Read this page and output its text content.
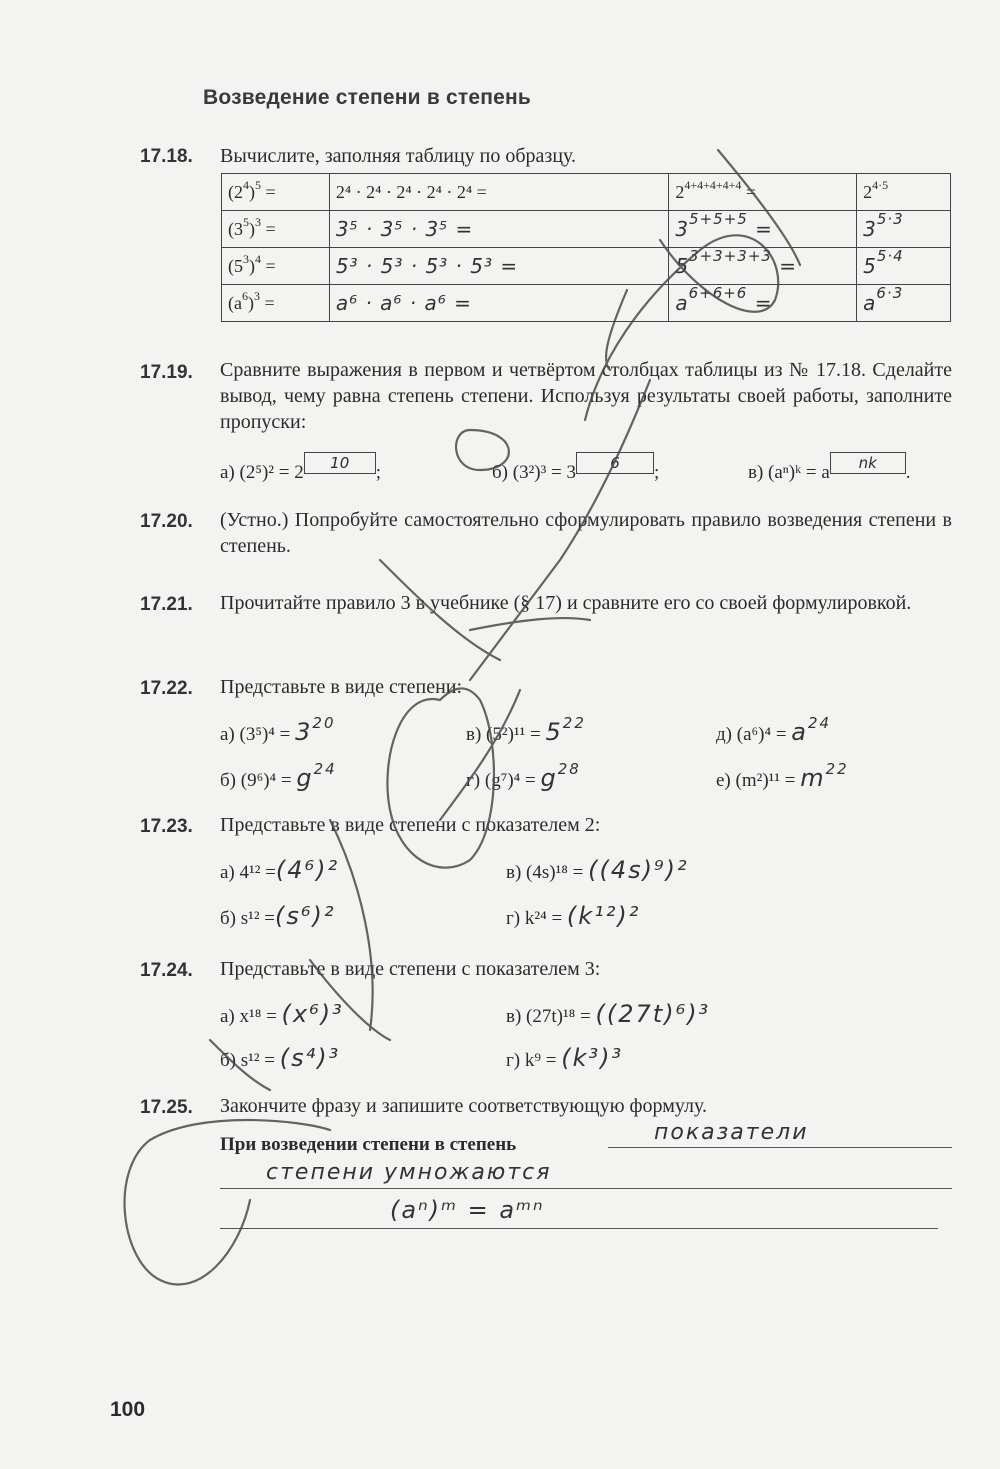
Возведение степени в степень
17.18. Вычислите, заполняя таблицу по образцу.
$(2^4)^5$ =	2⁴ · 2⁴ · 2⁴ · 2⁴ · 2⁴ =	$2^{4+4+4+4+4}$ =	$2^{4\cdot 5}$
$(3^5)^3$ =	3⁵ · 3⁵ · 3⁵ =	$3^{5+5+5}$ =	$3^{5\cdot 3}$
$(5^3)^4$ =	5³ · 5³ · 5³ · 5³ =	$5^{3+3+3+3}$ =	$5^{5\cdot 4}$
$(a^6)^3$ =	a⁶ · a⁶ · a⁶ =	$a^{6+6+6}$ =	$a^{6\cdot 3}$
17.19. Сравните выражения в первом и четвёртом столбцах таблицы из № 17.18. Сделайте вывод, чему равна степень степени. Используя результаты своей работы, заполните пропуски:
а) (2⁵)² = 2 10 ;	б) (3²)³ = 3 6 ;	в) (aⁿ)ᵏ = a nk .
17.20. (Устно.) Попробуйте самостоятельно сформулировать правило возведения степени в степень.
17.21. Прочитайте правило 3 в учебнике (§ 17) и сравните его со своей формулировкой.
17.22. Представьте в виде степени:
а) $(3^5)^4 = 3^{20}$
б) $(9^6)^4 = g^{24}$
в) $(5^2)^{11} = 5^{22}$
г) $(g^7)^4 = g^{28}$
д) $(a^6)^4 = a^{24}$
е) $(m^2)^{11} = m^{22}$
17.23. Представьте в виде степени с показателем 2:
а) 4¹² =(4⁶)²
б) s¹² =(s⁶)²
в) (4s)¹⁸ = ((4s)⁹)²
г) k²⁴ = (k¹²)²
17.24. Представьте в виде степени с показателем 3:
а) x¹⁸ = (x⁶)³
б) s¹² = (s⁴)³
в) (27t)¹⁸ = ((27t)⁶)³
г) k⁹ = (k³)³
17.25. Закончите фразу и запишите соответствующую формулу.
При возведении степени в степень	показатели
степени умножаются
(aⁿ)ᵐ = aᵐⁿ
100
